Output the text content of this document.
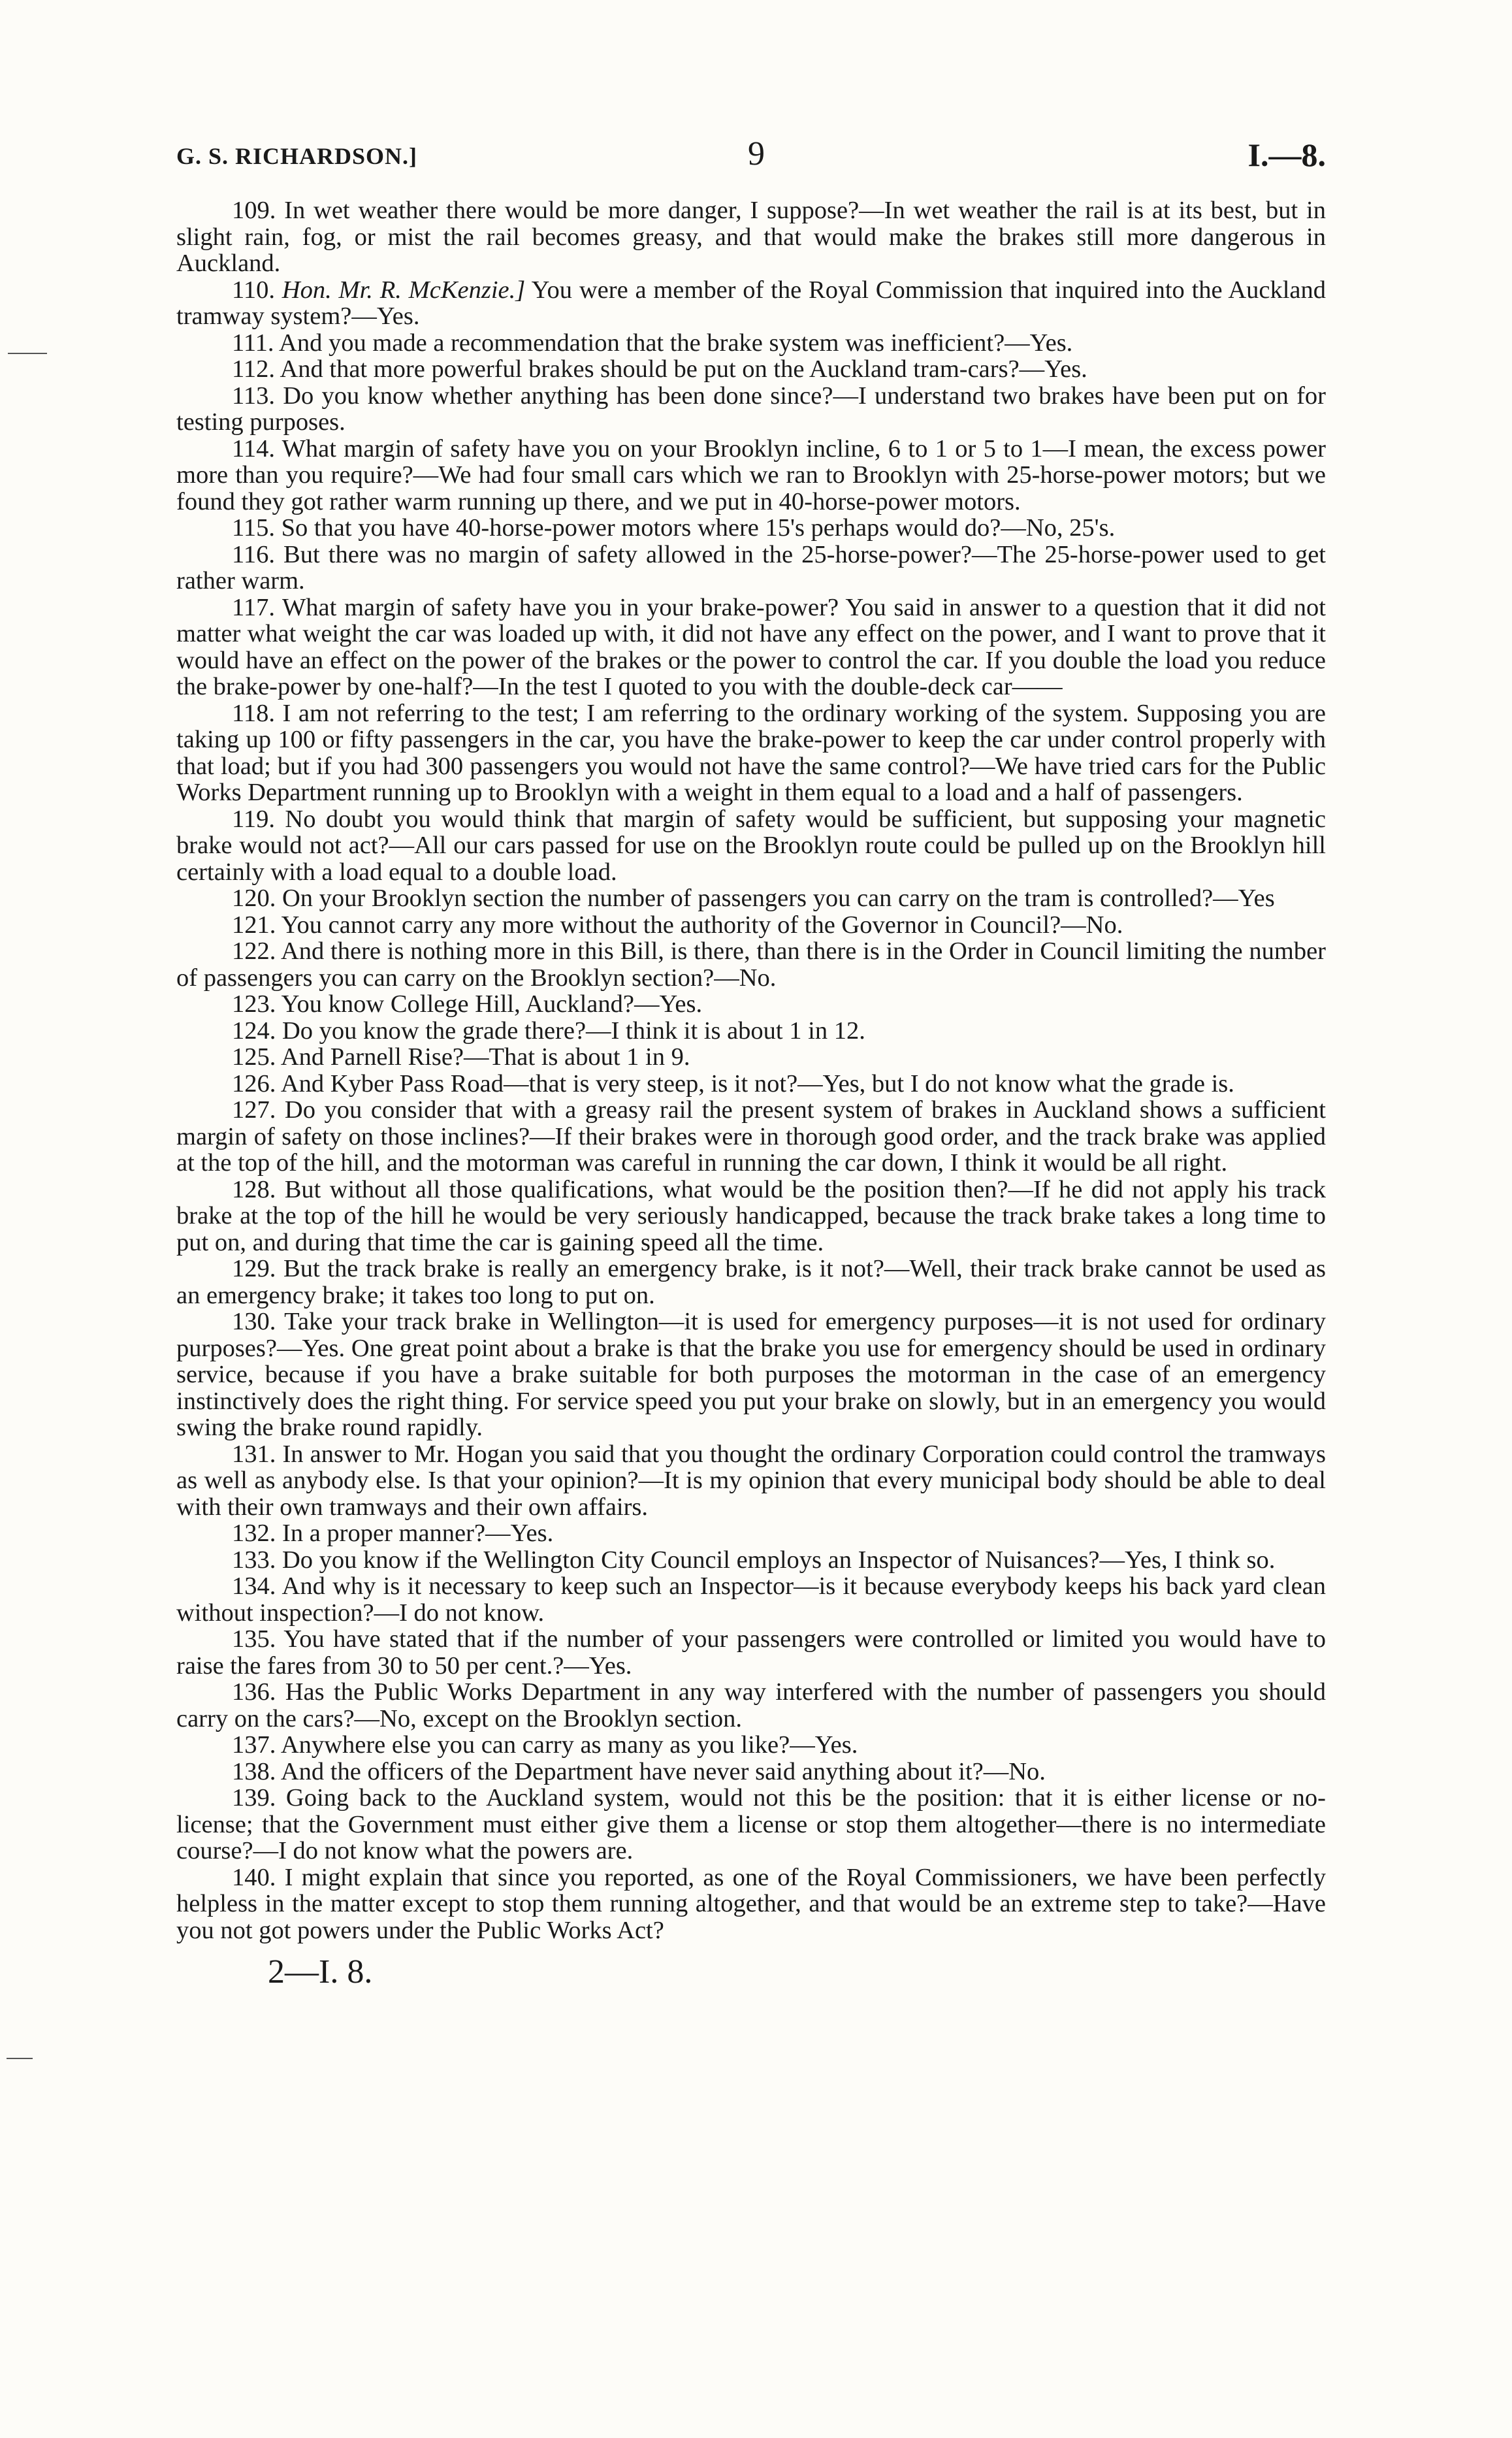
G. S. RICHARDSON.]	9	I.—8.

109. In wet weather there would be more danger, I suppose?—In wet weather the rail is at its best, but in slight rain, fog, or mist the rail becomes greasy, and that would make the brakes still more dangerous in Auckland.

110. Hon. Mr. R. McKenzie.] You were a member of the Royal Commission that inquired into the Auckland tramway system?—Yes.

111. And you made a recommendation that the brake system was inefficient?—Yes.

112. And that more powerful brakes should be put on the Auckland tram-cars?—Yes.

113. Do you know whether anything has been done since?—I understand two brakes have been put on for testing purposes.

114. What margin of safety have you on your Brooklyn incline, 6 to 1 or 5 to 1—I mean, the excess power more than you require?—We had four small cars which we ran to Brooklyn with 25-horse-power motors; but we found they got rather warm running up there, and we put in 40-horse-power motors.

115. So that you have 40-horse-power motors where 15's perhaps would do?—No, 25's.

116. But there was no margin of safety allowed in the 25-horse-power?—The 25-horse-power used to get rather warm.

117. What margin of safety have you in your brake-power? You said in answer to a question that it did not matter what weight the car was loaded up with, it did not have any effect on the power, and I want to prove that it would have an effect on the power of the brakes or the power to control the car. If you double the load you reduce the brake-power by one-half?—In the test I quoted to you with the double-deck car——

118. I am not referring to the test; I am referring to the ordinary working of the system. Supposing you are taking up 100 or fifty passengers in the car, you have the brake-power to keep the car under control properly with that load; but if you had 300 passengers you would not have the same control?—We have tried cars for the Public Works Department running up to Brooklyn with a weight in them equal to a load and a half of passengers.

119. No doubt you would think that margin of safety would be sufficient, but supposing your magnetic brake would not act?—All our cars passed for use on the Brooklyn route could be pulled up on the Brooklyn hill certainly with a load equal to a double load.

120. On your Brooklyn section the number of passengers you can carry on the tram is controlled?—Yes

121. You cannot carry any more without the authority of the Governor in Council?—No.

122. And there is nothing more in this Bill, is there, than there is in the Order in Council limiting the number of passengers you can carry on the Brooklyn section?—No.

123. You know College Hill, Auckland?—Yes.

124. Do you know the grade there?—I think it is about 1 in 12.

125. And Parnell Rise?—That is about 1 in 9.

126. And Kyber Pass Road—that is very steep, is it not?—Yes, but I do not know what the grade is.

127. Do you consider that with a greasy rail the present system of brakes in Auckland shows a sufficient margin of safety on those inclines?—If their brakes were in thorough good order, and the track brake was applied at the top of the hill, and the motorman was careful in running the car down, I think it would be all right.

128. But without all those qualifications, what would be the position then?—If he did not apply his track brake at the top of the hill he would be very seriously handicapped, because the track brake takes a long time to put on, and during that time the car is gaining speed all the time.

129. But the track brake is really an emergency brake, is it not?—Well, their track brake cannot be used as an emergency brake; it takes too long to put on.

130. Take your track brake in Wellington—it is used for emergency purposes—it is not used for ordinary purposes?—Yes. One great point about a brake is that the brake you use for emergency should be used in ordinary service, because if you have a brake suitable for both purposes the motorman in the case of an emergency instinctively does the right thing. For service speed you put your brake on slowly, but in an emergency you would swing the brake round rapidly.

131. In answer to Mr. Hogan you said that you thought the ordinary Corporation could control the tramways as well as anybody else. Is that your opinion?—It is my opinion that every municipal body should be able to deal with their own tramways and their own affairs.

132. In a proper manner?—Yes.

133. Do you know if the Wellington City Council employs an Inspector of Nuisances?—Yes, I think so.

134. And why is it necessary to keep such an Inspector—is it because everybody keeps his back yard clean without inspection?—I do not know.

135. You have stated that if the number of your passengers were controlled or limited you would have to raise the fares from 30 to 50 per cent.?—Yes.

136. Has the Public Works Department in any way interfered with the number of passengers you should carry on the cars?—No, except on the Brooklyn section.

137. Anywhere else you can carry as many as you like?—Yes.

138. And the officers of the Department have never said anything about it?—No.

139. Going back to the Auckland system, would not this be the position: that it is either license or no-license; that the Government must either give them a license or stop them altogether—there is no intermediate course?—I do not know what the powers are.

140. I might explain that since you reported, as one of the Royal Commissioners, we have been perfectly helpless in the matter except to stop them running altogether, and that would be an extreme step to take?—Have you not got powers under the Public Works Act?

2—I. 8.
